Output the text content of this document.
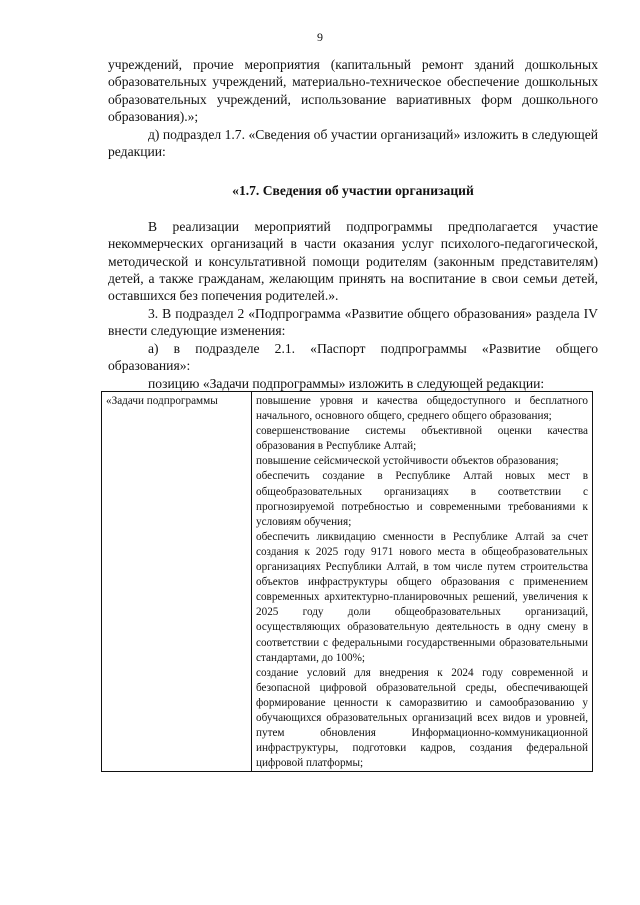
9

учреждений, прочие мероприятия (капитальный ремонт зданий дошкольных образовательных учреждений, материально-техническое обеспечение дошкольных образовательных учреждений, использование вариативных форм дошкольного образования).»;

д) подраздел 1.7. «Сведения об участии организаций» изложить в следующей редакции:

«1.7. Сведения об участии организаций

В реализации мероприятий подпрограммы предполагается участие некоммерческих организаций в части оказания услуг психолого-педагогической, методической и консультативной помощи родителям (законным представителям) детей, а также гражданам, желающим принять на воспитание в свои семьи детей, оставшихся без попечения родителей.».

3. В подраздел 2 «Подпрограмма «Развитие общего образования» раздела IV внести следующие изменения:

а) в подразделе 2.1. «Паспорт подпрограммы «Развитие общего образования»:

позицию «Задачи подпрограммы» изложить в следующей редакции:

«Задачи подпрограммы	повышение уровня и качества общедоступного и бесплатного начального, основного общего, среднего общего образования;
совершенствование системы объективной оценки качества образования в Республике Алтай;
повышение сейсмической устойчивости объектов образования;
обеспечить создание в Республике Алтай новых мест в общеобразовательных организациях в соответствии с прогнозируемой потребностью и современными требованиями к условиям обучения;
обеспечить ликвидацию сменности в Республике Алтай за счет создания к 2025 году 9171 нового места в общеобразовательных организациях Республики Алтай, в том числе путем строительства объектов инфраструктуры общего образования с применением современных архитектурно-планировочных решений, увеличения к 2025 году доли общеобразовательных организаций, осуществляющих образовательную деятельность в одну смену в соответствии с федеральными государственными образовательными стандартами, до 100%;
создание условий для внедрения к 2024 году современной и безопасной цифровой образовательной среды, обеспечивающей формирование ценности к саморазвитию и самообразованию у обучающихся образовательных организаций всех видов и уровней, путем обновления Информационно-коммуникационной инфраструктуры, подготовки кадров, создания федеральной цифровой платформы;
